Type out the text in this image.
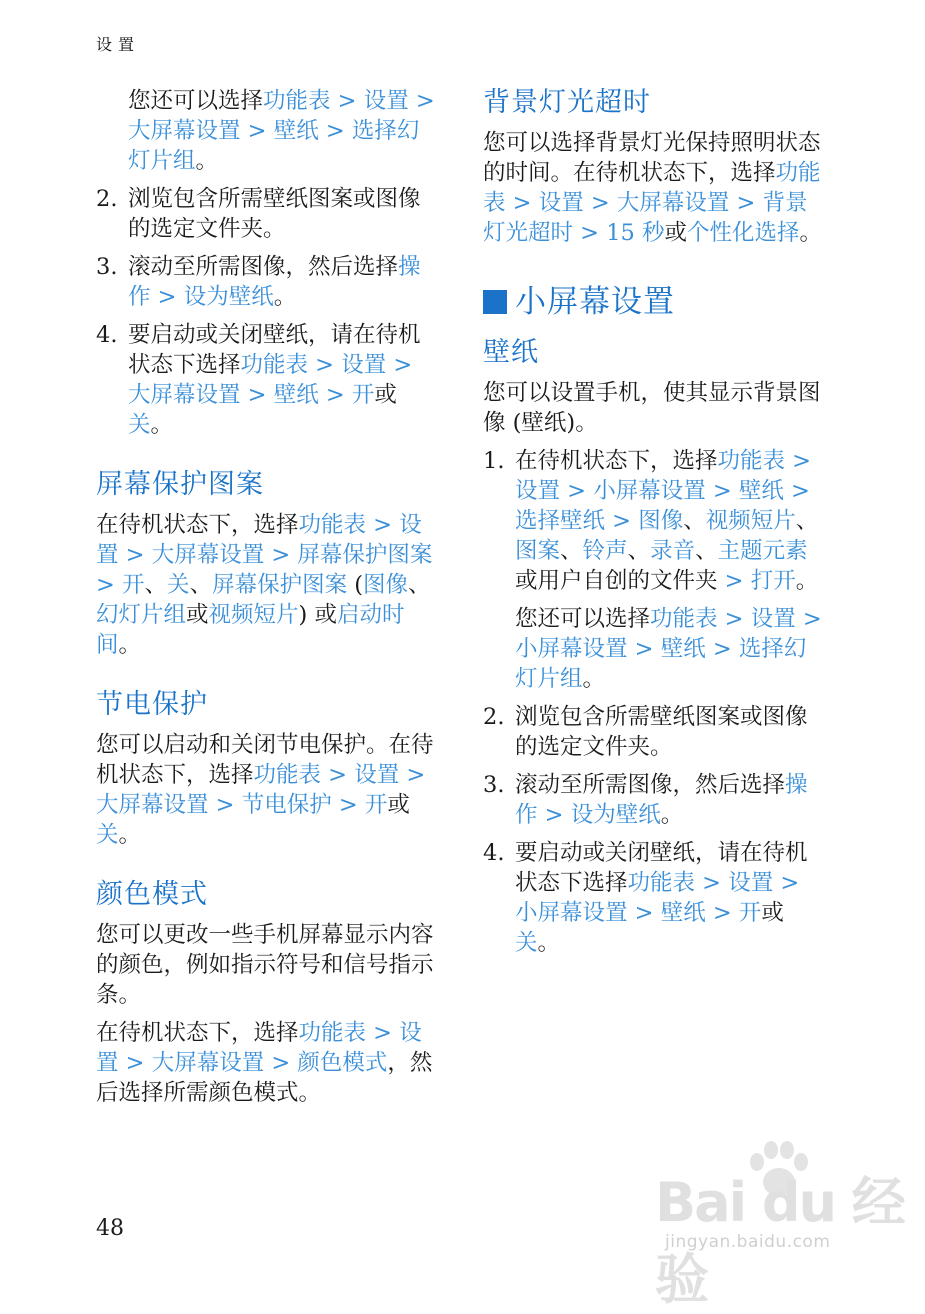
设置

您还可以选择功能表 > 设置 > 大屏幕设置 > 壁纸 > 选择幻灯片组。

2. 浏览包含所需壁纸图案或图像的选定文件夹。
3. 滚动至所需图像，然后选择操作 > 设为壁纸。
4. 要启动或关闭壁纸，请在待机状态下选择功能表 > 设置 > 大屏幕设置 > 壁纸 > 开或关。
屏幕保护图案

在待机状态下，选择功能表 > 设置 > 大屏幕设置 > 屏幕保护图案 > 开、关、屏幕保护图案 (图像、幻灯片组或视频短片) 或启动时间。

节电保护

您可以启动和关闭节电保护。在待机状态下，选择功能表 > 设置 > 大屏幕设置 > 节电保护 > 开或关。

颜色模式

您可以更改一些手机屏幕显示内容的颜色，例如指示符号和信号指示条。

在待机状态下，选择功能表 > 设置 > 大屏幕设置 > 颜色模式，然后选择所需颜色模式。

背景灯光超时

您可以选择背景灯光保持照明状态的时间。在待机状态下，选择功能表 > 设置 > 大屏幕设置 > 背景灯光超时 > 15 秒或个性化选择。

小屏幕设置
壁纸

您可以设置手机，使其显示背景图像 (壁纸)。

1. 在待机状态下，选择功能表 > 设置 > 小屏幕设置 > 壁纸 > 选择壁纸 > 图像、视频短片、图案、铃声、录音、主题元素或用户自创的文件夹 > 打开。

您还可以选择功能表 > 设置 > 小屏幕设置 > 壁纸 > 选择幻灯片组。

2. 浏览包含所需壁纸图案或图像的选定文件夹。
3. 滚动至所需图像，然后选择操作 > 设为壁纸。
4. 要启动或关闭壁纸，请在待机状态下选择功能表 > 设置 > 小屏幕设置 > 壁纸 > 开或关。
48	Bai du 经验
jingyan.baidu.com
